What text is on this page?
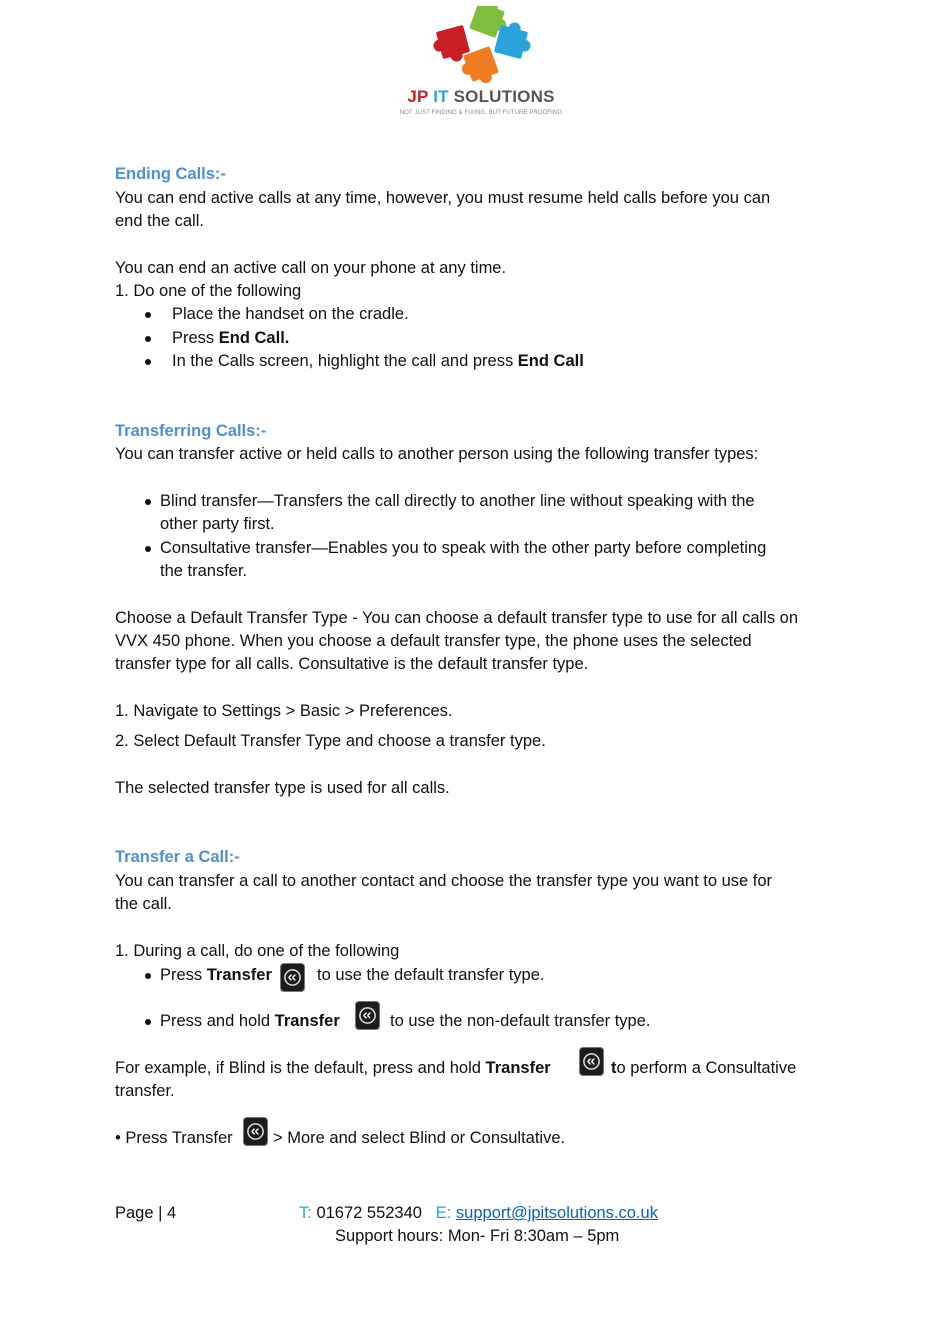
JP IT SOLUTIONS
NOT JUST FINDING & FIXING, BUT FUTURE PROOFING
Ending Calls:-
You can end active calls at any time, however, you must resume held calls before you can
end the call.
You can end an active call on your phone at any time.
1. Do one of the following
Place the handset on the cradle.
Press End Call.
In the Calls screen, highlight the call and press End Call
Transferring Calls:-
You can transfer active or held calls to another person using the following transfer types:
Blind transfer—Transfers the call directly to another line without speaking with the
other party first.
Consultative transfer—Enables you to speak with the other party before completing
the transfer.
Choose a Default Transfer Type - You can choose a default transfer type to use for all calls on
VVX 450 phone. When you choose a default transfer type, the phone uses the selected
transfer type for all calls. Consultative is the default transfer type.
1. Navigate to Settings > Basic > Preferences.
2. Select Default Transfer Type and choose a transfer type.
The selected transfer type is used for all calls.
Transfer a Call:-
You can transfer a call to another contact and choose the transfer type you want to use for
the call.
1. During a call, do one of the following
Press Transfer	to use the default transfer type.
Press and hold Transfer	to use the non-default transfer type.
For example, if Blind is the default, press and hold Transfer	to perform a Consultative
transfer.
• Press Transfer > More and select Blind or Consultative.
Page | 4	T: 01672 552340 E: support@jpitsolutions.co.uk
Support hours: Mon- Fri 8:30am – 5pm
